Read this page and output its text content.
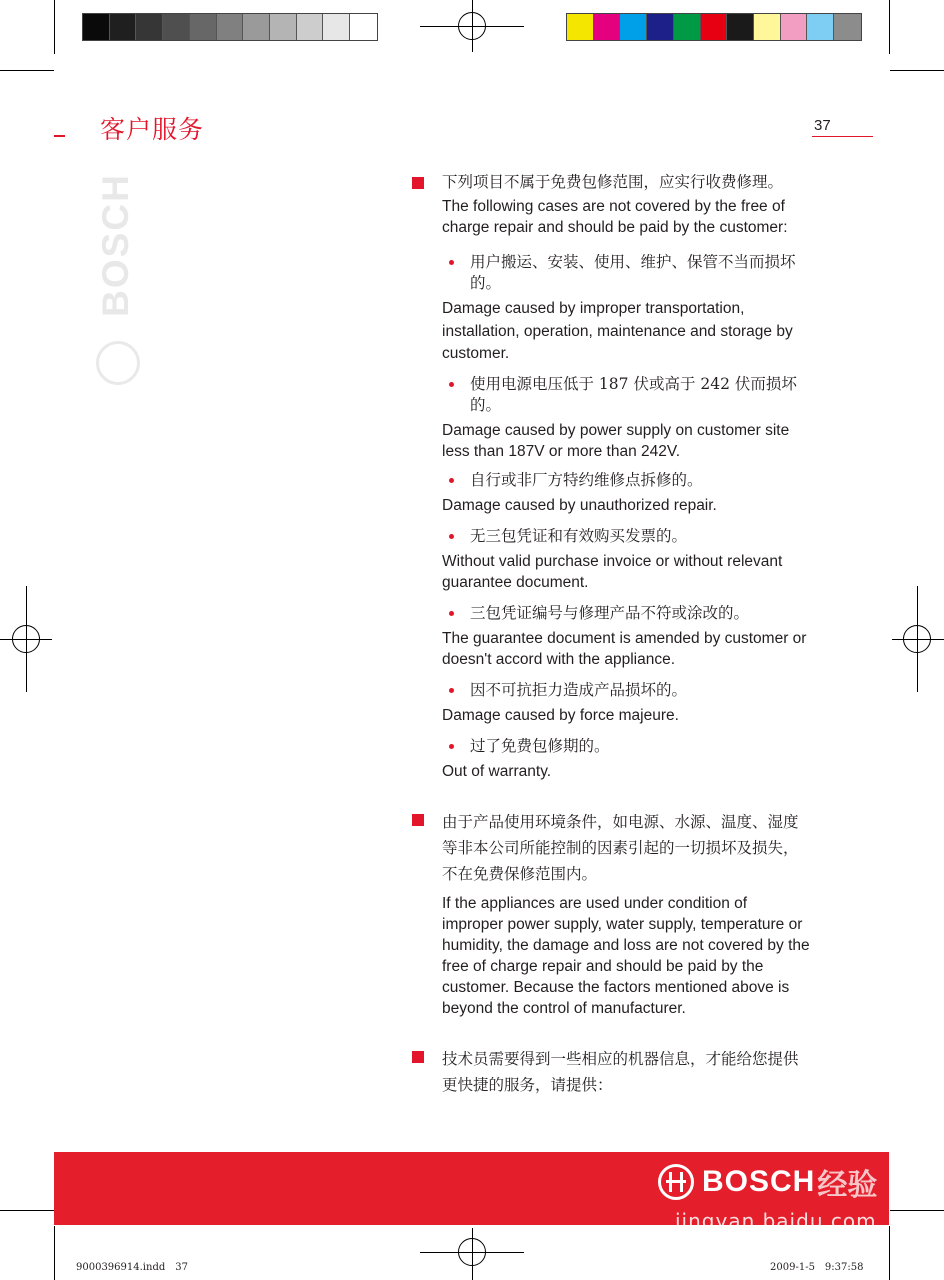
客户服务	37
BOSCH	下列项目不属于免费包修范围，应实行收费修理。
The following cases are not covered by the free of charge repair and should be paid by the customer:
用户搬运、安装、使用、维护、保管不当而损坏的。
Damage caused by improper transportation, installation, operation, maintenance and storage by customer.
使用电源电压低于 187 伏或高于 242 伏而损坏的。
Damage caused by power supply on customer site less than 187V or more than 242V.
自行或非厂方特约维修点拆修的。
Damage caused by unauthorized repair.
无三包凭证和有效购买发票的。
Without valid purchase invoice or without relevant guarantee document.
三包凭证编号与修理产品不符或涂改的。
The guarantee document is amended by customer or doesn't accord with the appliance.
因不可抗拒力造成产品损坏的。
Damage caused by force majeure.
过了免费包修期的。
Out of warranty.
由于产品使用环境条件，如电源、水源、温度、湿度等非本公司所能控制的因素引起的一切损坏及损失，不在免费保修范围内。
If the appliances are used under condition of improper power supply, water supply, temperature or humidity, the damage and loss are not covered by the free of charge repair and should be paid by the customer. Because the factors mentioned above is beyond the control of manufacturer.
技术员需要得到一些相应的机器信息，才能给您提供更快捷的服务，请提供：
BOSCH 经验
jingyan.baidu.com
9000396914.indd　37	2009-1-5　9:37:58
